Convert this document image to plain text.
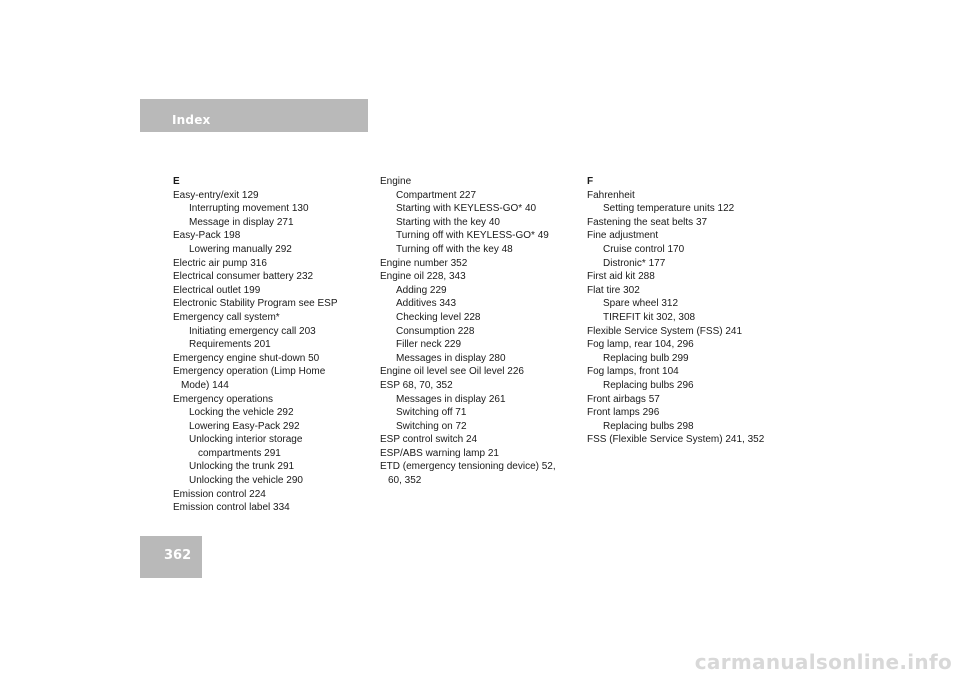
Index
E
Easy-entry/exit 129
Interrupting movement 130
Message in display 271
Easy-Pack 198
Lowering manually 292
Electric air pump 316
Electrical consumer battery 232
Electrical outlet 199
Electronic Stability Program see ESP
Emergency call system*
Initiating emergency call 203
Requirements 201
Emergency engine shut-down 50
Emergency operation (Limp Home
Mode) 144
Emergency operations
Locking the vehicle 292
Lowering Easy-Pack 292
Unlocking interior storage
compartments 291
Unlocking the trunk 291
Unlocking the vehicle 290
Emission control 224
Emission control label 334
Engine
Compartment 227
Starting with KEYLESS-GO* 40
Starting with the key 40
Turning off with KEYLESS-GO* 49
Turning off with the key 48
Engine number 352
Engine oil 228, 343
Adding 229
Additives 343
Checking level 228
Consumption 228
Filler neck 229
Messages in display 280
Engine oil level see Oil level 226
ESP 68, 70, 352
Messages in display 261
Switching off 71
Switching on 72
ESP control switch 24
ESP/ABS warning lamp 21
ETD (emergency tensioning device) 52,
60, 352
F
Fahrenheit
Setting temperature units 122
Fastening the seat belts 37
Fine adjustment
Cruise control 170
Distronic* 177
First aid kit 288
Flat tire 302
Spare wheel 312
TIREFIT kit 302, 308
Flexible Service System (FSS) 241
Fog lamp, rear 104, 296
Replacing bulb 299
Fog lamps, front 104
Replacing bulbs 296
Front airbags 57
Front lamps 296
Replacing bulbs 298
FSS (Flexible Service System) 241, 352
362
carmanualsonline.info
